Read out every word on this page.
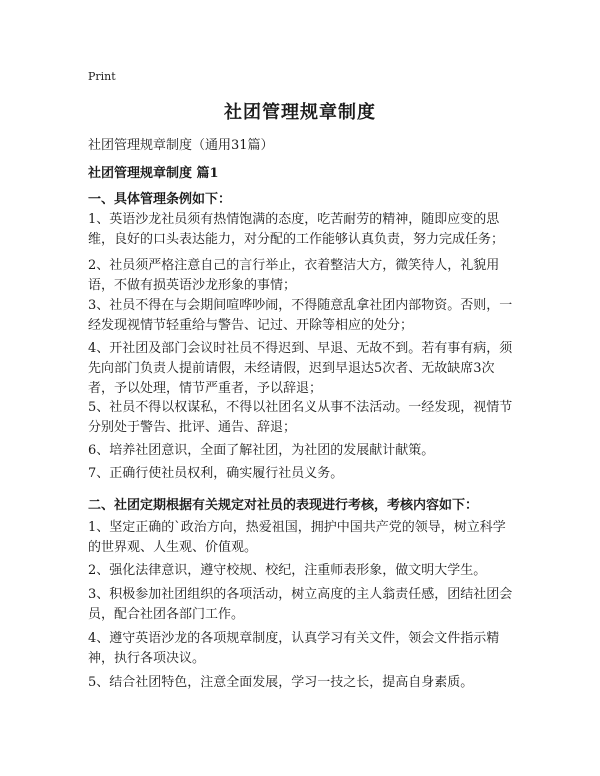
Print
社团管理规章制度
社团管理规章制度（通用31篇）
社团管理规章制度 篇1
一、具体管理条例如下：

1、英语沙龙社员须有热情饱满的态度，吃苦耐劳的精神，随即应变的思维，良好的口头表达能力，对分配的工作能够认真负责，努力完成任务；

2、社员须严格注意自己的言行举止，衣着整洁大方，微笑待人，礼貌用语，不做有损英语沙龙形象的事情；

3、社员不得在与会期间喧哗吵闹，不得随意乱拿社团内部物资。否则，一经发现视情节轻重给与警告、记过、开除等相应的处分；

4、开社团及部门会议时社员不得迟到、早退、无故不到。若有事有病，须先向部门负责人提前请假，未经请假，迟到早退达5次者、无故缺席3次者，予以处理，情节严重者，予以辞退；

5、社员不得以权谋私，不得以社团名义从事不法活动。一经发现，视情节分别处于警告、批评、通告、辞退；

6、培养社团意识，全面了解社团，为社团的发展献计献策。

7、正确行使社员权利，确实履行社员义务。

二、社团定期根据有关规定对社员的表现进行考核，考核内容如下：

1、坚定正确的`政治方向，热爱祖国，拥护中国共产党的领导，树立科学的世界观、人生观、价值观。

2、强化法律意识，遵守校规、校纪，注重师表形象，做文明大学生。

3、积极参加社团组织的各项活动，树立高度的主人翁责任感，团结社团会员，配合社团各部门工作。

4、遵守英语沙龙的各项规章制度，认真学习有关文件，领会文件指示精神，执行各项决议。

5、结合社团特色，注意全面发展，学习一技之长，提高自身素质。
